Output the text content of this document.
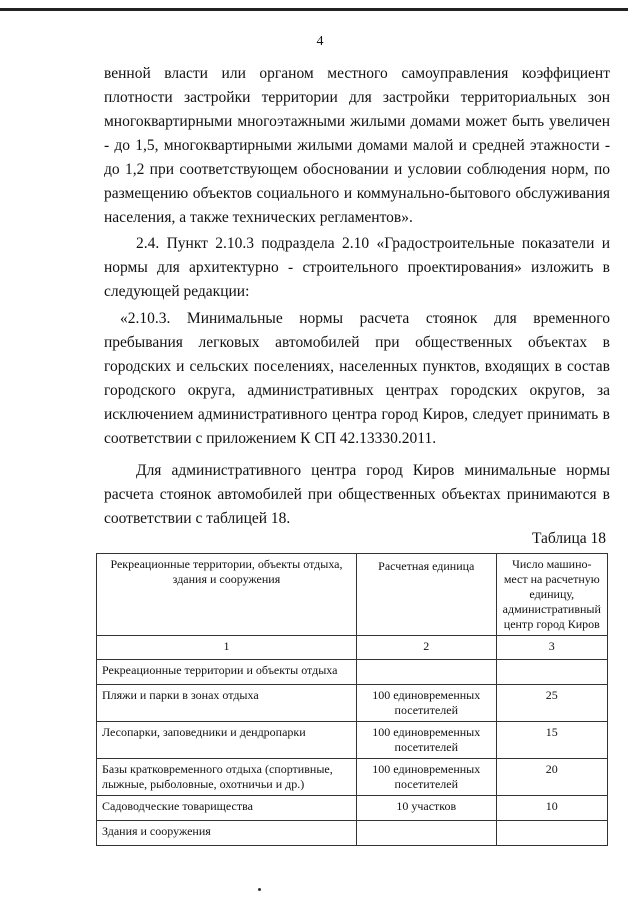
4

венной власти или органом местного самоуправления коэффициент плотности застройки территории для застройки территориальных зон многоквартирными многоэтажными жилыми домами может быть увеличен - до 1,5, многоквартирными жилыми домами малой и средней этажности - до 1,2 при соответствующем обосновании и условии соблюдения норм, по размещению объектов социального и коммунально-бытового обслуживания населения, а также технических регламентов».

2.4. Пункт 2.10.3 подраздела 2.10 «Градостроительные показатели и нормы для архитектурно - строительного проектирования» изложить в следующей редакции:

«2.10.3. Минимальные нормы расчета стоянок для временного пребывания легковых автомобилей при общественных объектах в городских и сельских поселениях, населенных пунктов, входящих в состав городского округа, административных центрах городских округов, за исключением административного центра город Киров, следует принимать в соответствии с приложением К СП 42.13330.2011.

Для административного центра город Киров минимальные нормы расчета стоянок автомобилей при общественных объектах принимаются в соответствии с таблицей 18.

Таблица 18
Рекреационные территории, объекты отдыха, здания и сооружения	Расчетная единица	Число машино-мест на расчетную единицу, административный центр город Киров
1	2	3
Рекреационные территории и объекты отдыха		
Пляжи и парки в зонах отдыха	100 единовременных посетителей	25
Лесопарки, заповедники и дендропарки	100 единовременных посетителей	15
Базы кратковременного отдыха (спортивные, лыжные, рыболовные, охотничьи и др.)	100 единовременных посетителей	20
Садоводческие товарищества	10 участков	10
Здания и сооружения		
